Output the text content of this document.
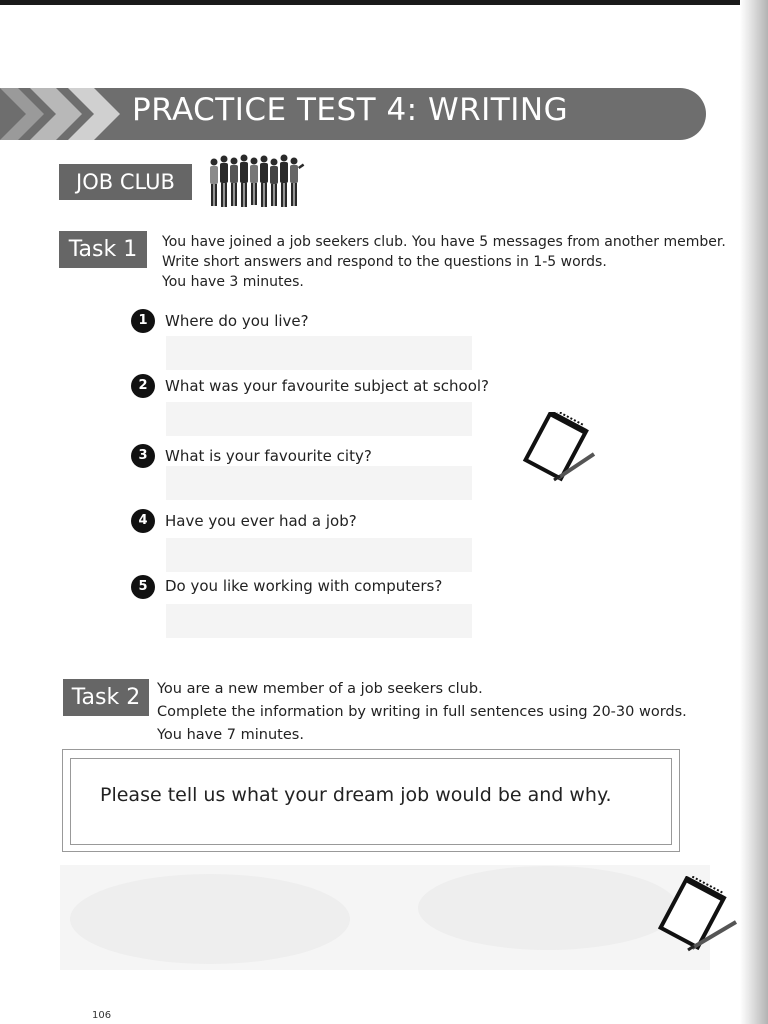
PRACTICE TEST 4: WRITING
JOB CLUB
Task 1	You have joined a job seekers club. You have 5 messages from another member.
Write short answers and respond to the questions in 1-5 words.
You have 3 minutes.
1	Where do you live?
2	What was your favourite subject at school?
3	What is your favourite city?
4	Have you ever had a job?
5	Do you like working with computers?
Task 2	You are a new member of a job seekers club.
Complete the information by writing in full sentences using 20-30 words.
You have 7 minutes.
Please tell us what your dream job would be and why.
106
